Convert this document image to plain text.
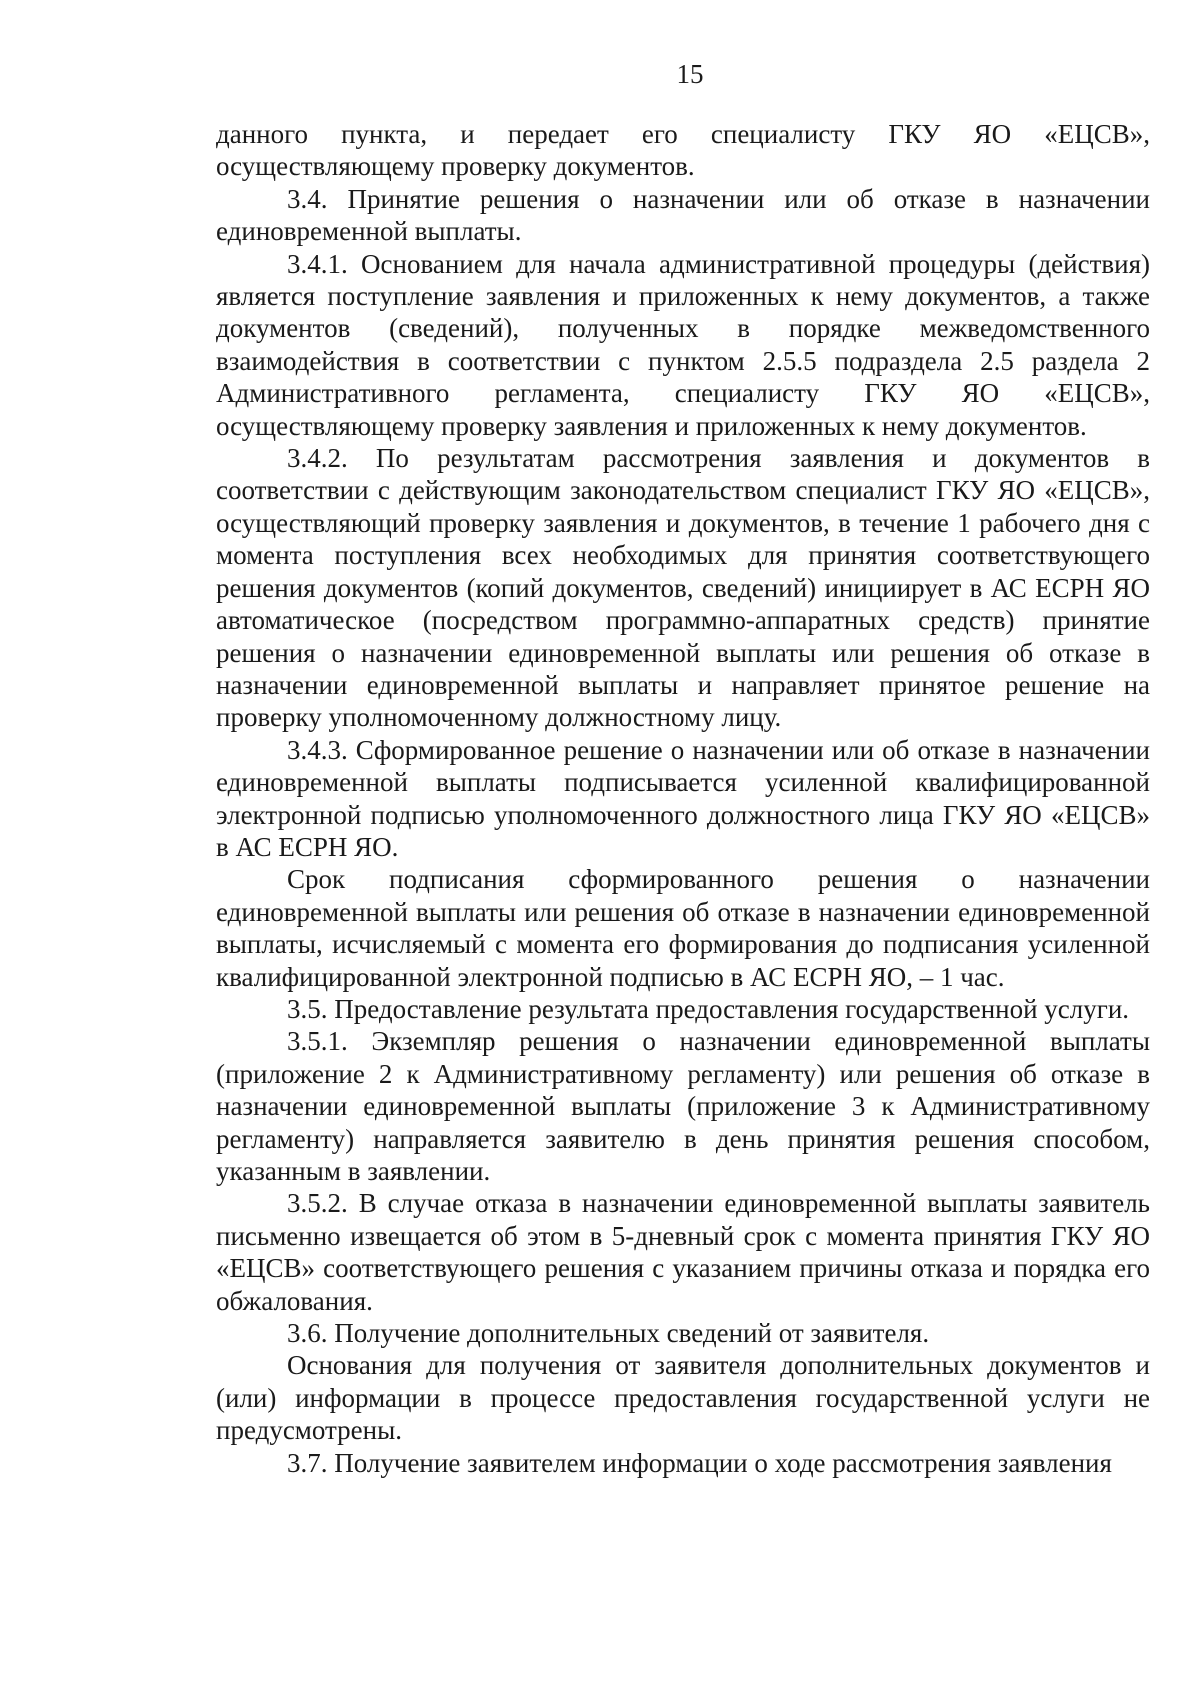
15

данного пункта, и передает его специалисту ГКУ ЯО «ЕЦСВ», осуществляющему проверку документов.

3.4. Принятие решения о назначении или об отказе в назначении единовременной выплаты.

3.4.1. Основанием для начала административной процедуры (действия) является поступление заявления и приложенных к нему документов, а также документов (сведений), полученных в порядке межведомственного взаимодействия в соответствии с пунктом 2.5.5 подраздела 2.5 раздела 2 Административного регламента, специалисту ГКУ ЯО «ЕЦСВ», осуществляющему проверку заявления и приложенных к нему документов.

3.4.2. По результатам рассмотрения заявления и документов в соответствии с действующим законодательством специалист ГКУ ЯО «ЕЦСВ», осуществляющий проверку заявления и документов, в течение 1 рабочего дня с момента поступления всех необходимых для принятия соответствующего решения документов (копий документов, сведений) инициирует в АС ЕСРН ЯО автоматическое (посредством программно-аппаратных средств) принятие решения о назначении единовременной выплаты или решения об отказе в назначении единовременной выплаты и направляет принятое решение на проверку уполномоченному должностному лицу.

3.4.3. Сформированное решение о назначении или об отказе в назначении единовременной выплаты подписывается усиленной квалифицированной электронной подписью уполномоченного должностного лица ГКУ ЯО «ЕЦСВ» в АС ЕСРН ЯО.

Срок подписания сформированного решения о назначении единовременной выплаты или решения об отказе в назначении единовременной выплаты, исчисляемый с момента его формирования до подписания усиленной квалифицированной электронной подписью в АС ЕСРН ЯО, – 1 час.

3.5. Предоставление результата предоставления государственной услуги.

3.5.1. Экземпляр решения о назначении единовременной выплаты (приложение 2 к Административному регламенту) или решения об отказе в назначении единовременной выплаты (приложение 3 к Административному регламенту) направляется заявителю в день принятия решения способом, указанным в заявлении.

3.5.2. В случае отказа в назначении единовременной выплаты заявитель письменно извещается об этом в 5-дневный срок с момента принятия ГКУ ЯО «ЕЦСВ» соответствующего решения с указанием причины отказа и порядка его обжалования.

3.6. Получение дополнительных сведений от заявителя.

Основания для получения от заявителя дополнительных документов и (или) информации в процессе предоставления государственной услуги не предусмотрены.

3.7. Получение заявителем информации о ходе рассмотрения заявления
